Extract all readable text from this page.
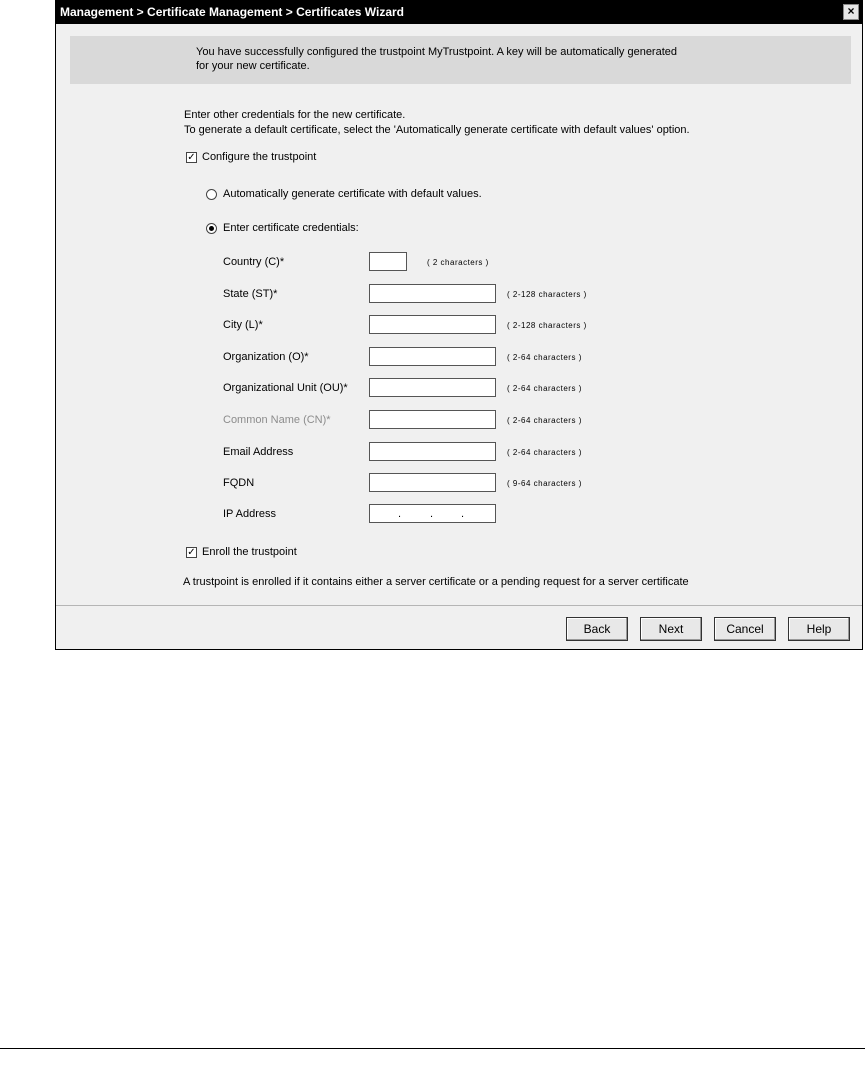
Management > Certificate Management > Certificates Wizard	×
You have successfully configured the trustpoint MyTrustpoint. A key will be automatically generated
for your new certificate.
Enter other credentials for the new certificate.
To generate a default certificate, select the 'Automatically generate certificate with default values' option.
✓ Configure the trustpoint
Automatically generate certificate with default values.
Enter certificate credentials:
Country (C)*	( 2 characters )
State (ST)*	( 2-128 characters )
City (L)*	( 2-128 characters )
Organization (O)*	( 2-64 characters )
Organizational Unit (OU)*	( 2-64 characters )
Common Name (CN)*	( 2-64 characters )
Email Address	( 2-64 characters )
FQDN	( 9-64 characters )
IP Address	.	.	.
✓ Enroll the trustpoint
A trustpoint is enrolled if it contains either a server certificate or a pending request for a server certificate
Back	Next	Cancel	Help
